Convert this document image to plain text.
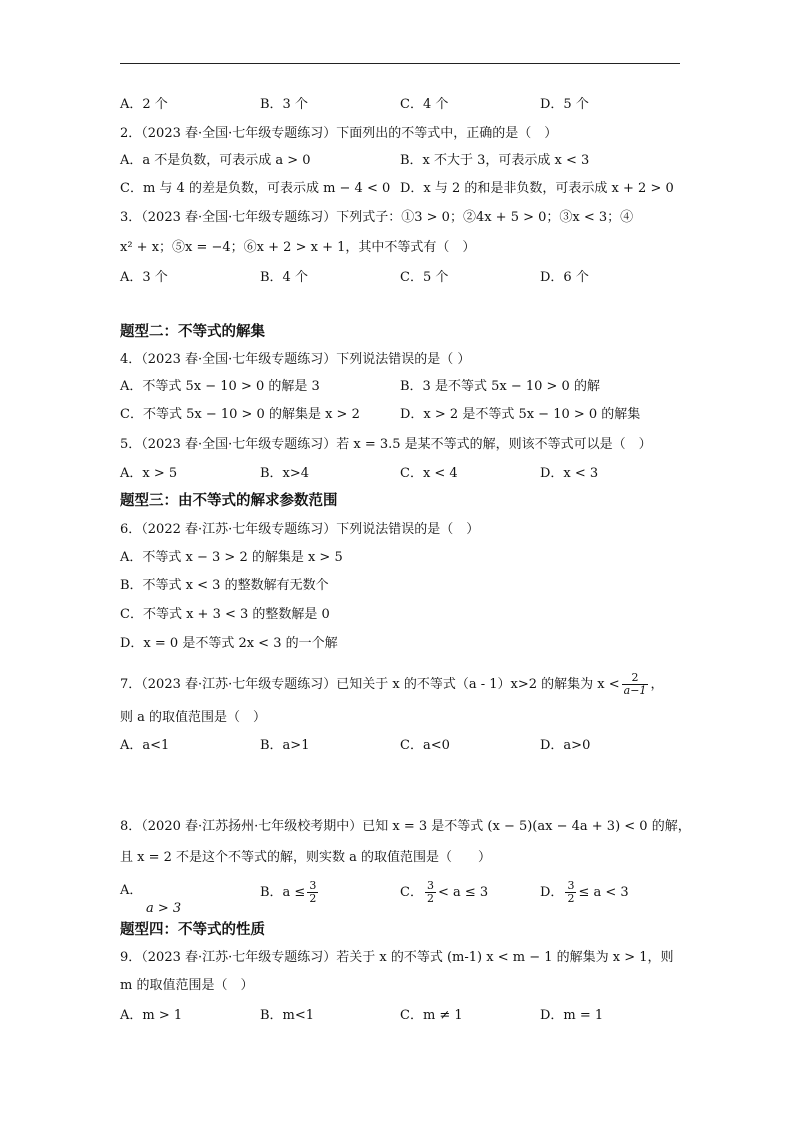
A．2 个	B．3 个	C．4 个	D．5 个
2．（2023 春·全国·七年级专题练习）下面列出的不等式中，正确的是（　）
A．a 不是负数，可表示成 a > 0	B．x 不大于 3，可表示成 x < 3
C．m 与 4 的差是负数，可表示成 m − 4 < 0 D．x 与 2 的和是非负数，可表示成 x + 2 > 0
3．（2023 春·全国·七年级专题练习）下列式子：①3 > 0；②4x + 5 > 0；③x < 3；④
x² + x；⑤x = −4；⑥x + 2 > x + 1，其中不等式有（　）
A．3 个	B．4 个	C．5 个	D．6 个
题型二：不等式的解集
4．（2023 春·全国·七年级专题练习）下列说法错误的是（ ）
A．不等式 5x − 10 > 0 的解是 3	B．3 是不等式 5x − 10 > 0 的解
C．不等式 5x − 10 > 0 的解集是 x > 2	D．x > 2 是不等式 5x − 10 > 0 的解集
5．（2023 春·全国·七年级专题练习）若 x = 3.5 是某不等式的解，则该不等式可以是（　）
A．x > 5	B．x>4	C．x < 4	D．x < 3
题型三：由不等式的解求参数范围
6．（2022 春·江苏·七年级专题练习）下列说法错误的是（　）
A．不等式 x − 3 > 2 的解集是 x > 5
B．不等式 x < 3 的整数解有无数个
C．不等式 x + 3 < 3 的整数解是 0
D．x = 0 是不等式 2x < 3 的一个解
7．（2023 春·江苏·七年级专题练习）已知关于 x 的不等式（a ‐ 1）x>2 的解集为 $x < \frac{2}{a-1}$ ，
则 a 的取值范围是（　）
A．a<1	B．a>1	C．a<0	D．a>0
8．（2020 春·江苏扬州·七年级校考期中）已知 x = 3 是不等式 (x − 5)(ax − 4a + 3) < 0 的解，
且 x = 2 不是这个不等式的解，则实数 a 的取值范围是（　　）
A．
a > 3
B．$a \le \frac{3}{2}$	C． $\frac{3}{2} < a \le 3$	D． $\frac{3}{2} \le a < 3$
题型四：不等式的性质
9．（2023 春·江苏·七年级专题练习）若关于 x 的不等式 (m‐1) x < m − 1 的解集为 x > 1，则
m 的取值范围是（　）
A．m > 1	B．m<1	C．m ≠ 1	D．m = 1
